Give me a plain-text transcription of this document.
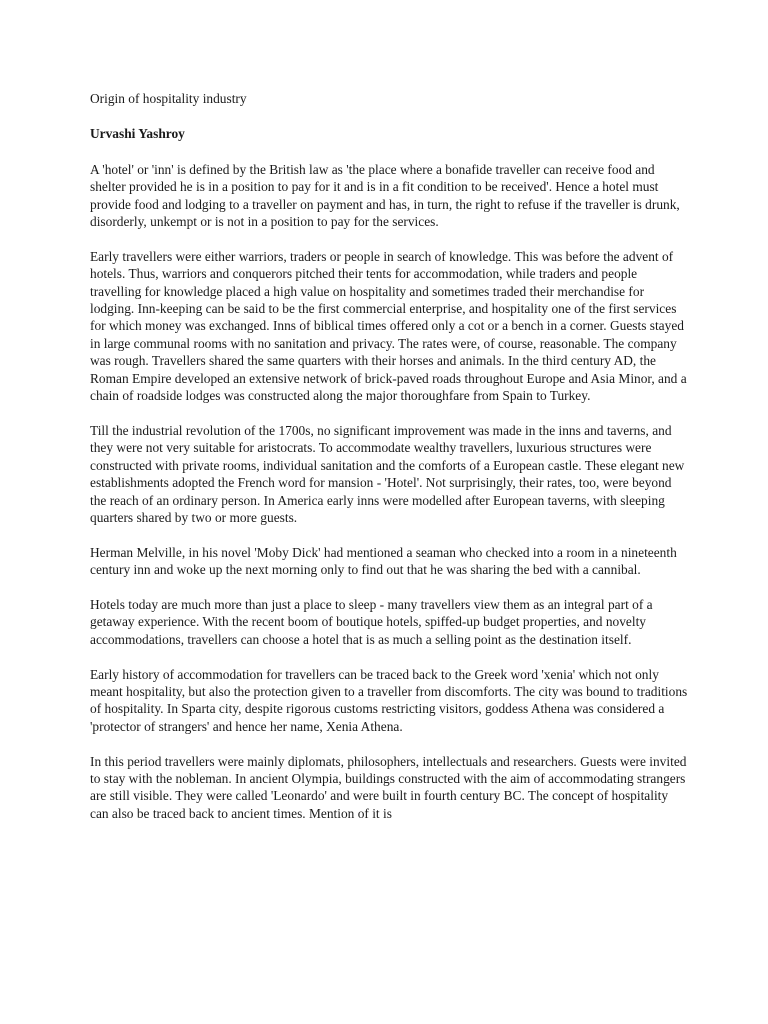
Origin of hospitality industry
Urvashi Yashroy

A 'hotel' or 'inn' is defined by the British law as 'the place where a bonafide traveller can receive food and shelter provided he is in a position to pay for it and is in a fit condition to be received'. Hence a hotel must provide food and lodging to a traveller on payment and has, in turn, the right to refuse if the traveller is drunk, disorderly, unkempt or is not in a position to pay for the services.

Early travellers were either warriors, traders or people in search of knowledge. This was before the advent of hotels. Thus, warriors and conquerors pitched their tents for accommodation, while traders and people travelling for knowledge placed a high value on hospitality and sometimes traded their merchandise for lodging. Inn-keeping can be said to be the first commercial enterprise, and hospitality one of the first services for which money was exchanged. Inns of biblical times offered only a cot or a bench in a corner. Guests stayed in large communal rooms with no sanitation and privacy. The rates were, of course, reasonable. The company was rough. Travellers shared the same quarters with their horses and animals. In the third century AD, the Roman Empire developed an extensive network of brick-paved roads throughout Europe and Asia Minor, and a chain of roadside lodges was constructed along the major thoroughfare from Spain to Turkey.

Till the industrial revolution of the 1700s, no significant improvement was made in the inns and taverns, and they were not very suitable for aristocrats. To accommodate wealthy travellers, luxurious structures were constructed with private rooms, individual sanitation and the comforts of a European castle. These elegant new establishments adopted the French word for mansion - 'Hotel'. Not surprisingly, their rates, too, were beyond the reach of an ordinary person. In America early inns were modelled after European taverns, with sleeping quarters shared by two or more guests.

Herman Melville, in his novel 'Moby Dick' had mentioned a seaman who checked into a room in a nineteenth century inn and woke up the next morning only to find out that he was sharing the bed with a cannibal.

Hotels today are much more than just a place to sleep - many travellers view them as an integral part of a getaway experience. With the recent boom of boutique hotels, spiffed-up budget properties, and novelty accommodations, travellers can choose a hotel that is as much a selling point as the destination itself.

Early history of accommodation for travellers can be traced back to the Greek word 'xenia' which not only meant hospitality, but also the protection given to a traveller from discomforts. The city was bound to traditions of hospitality. In Sparta city, despite rigorous customs restricting visitors, goddess Athena was considered a 'protector of strangers' and hence her name, Xenia Athena.

In this period travellers were mainly diplomats, philosophers, intellectuals and researchers. Guests were invited to stay with the nobleman. In ancient Olympia, buildings constructed with the aim of accommodating strangers are still visible. They were called 'Leonardo' and were built in fourth century BC. The concept of hospitality can also be traced back to ancient times. Mention of it is
